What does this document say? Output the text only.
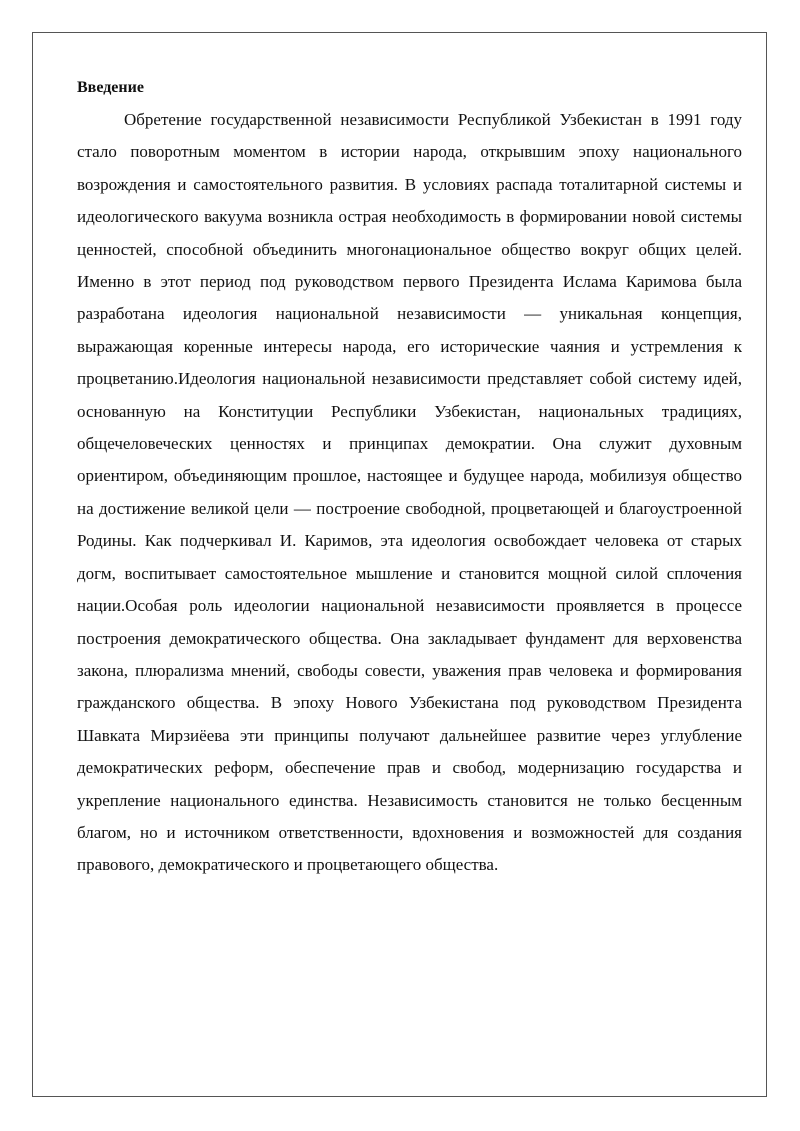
Введение

Обретение государственной независимости Республикой Узбекистан в 1991 году стало поворотным моментом в истории народа, открывшим эпоху национального возрождения и самостоятельного развития. В условиях распада тоталитарной системы и идеологического вакуума возникла острая необходимость в формировании новой системы ценностей, способной объединить многонациональное общество вокруг общих целей. Именно в этот период под руководством первого Президента Ислама Каримова была разработана идеология национальной независимости — уникальная концепция, выражающая коренные интересы народа, его исторические чаяния и устремления к процветанию.Идеология национальной независимости представляет собой систему идей, основанную на Конституции Республики Узбекистан, национальных традициях, общечеловеческих ценностях и принципах демократии. Она служит духовным ориентиром, объединяющим прошлое, настоящее и будущее народа, мобилизуя общество на достижение великой цели — построение свободной, процветающей и благоустроенной Родины. Как подчеркивал И. Каримов, эта идеология освобождает человека от старых догм, воспитывает самостоятельное мышление и становится мощной силой сплочения нации.Особая роль идеологии национальной независимости проявляется в процессе построения демократического общества. Она закладывает фундамент для верховенства закона, плюрализма мнений, свободы совести, уважения прав человека и формирования гражданского общества. В эпоху Нового Узбекистана под руководством Президента Шавката Мирзиёева эти принципы получают дальнейшее развитие через углубление демократических реформ, обеспечение прав и свобод, модернизацию государства и укрепление национального единства. Независимость становится не только бесценным благом, но и источником ответственности, вдохновения и возможностей для создания правового, демократического и процветающего общества.
